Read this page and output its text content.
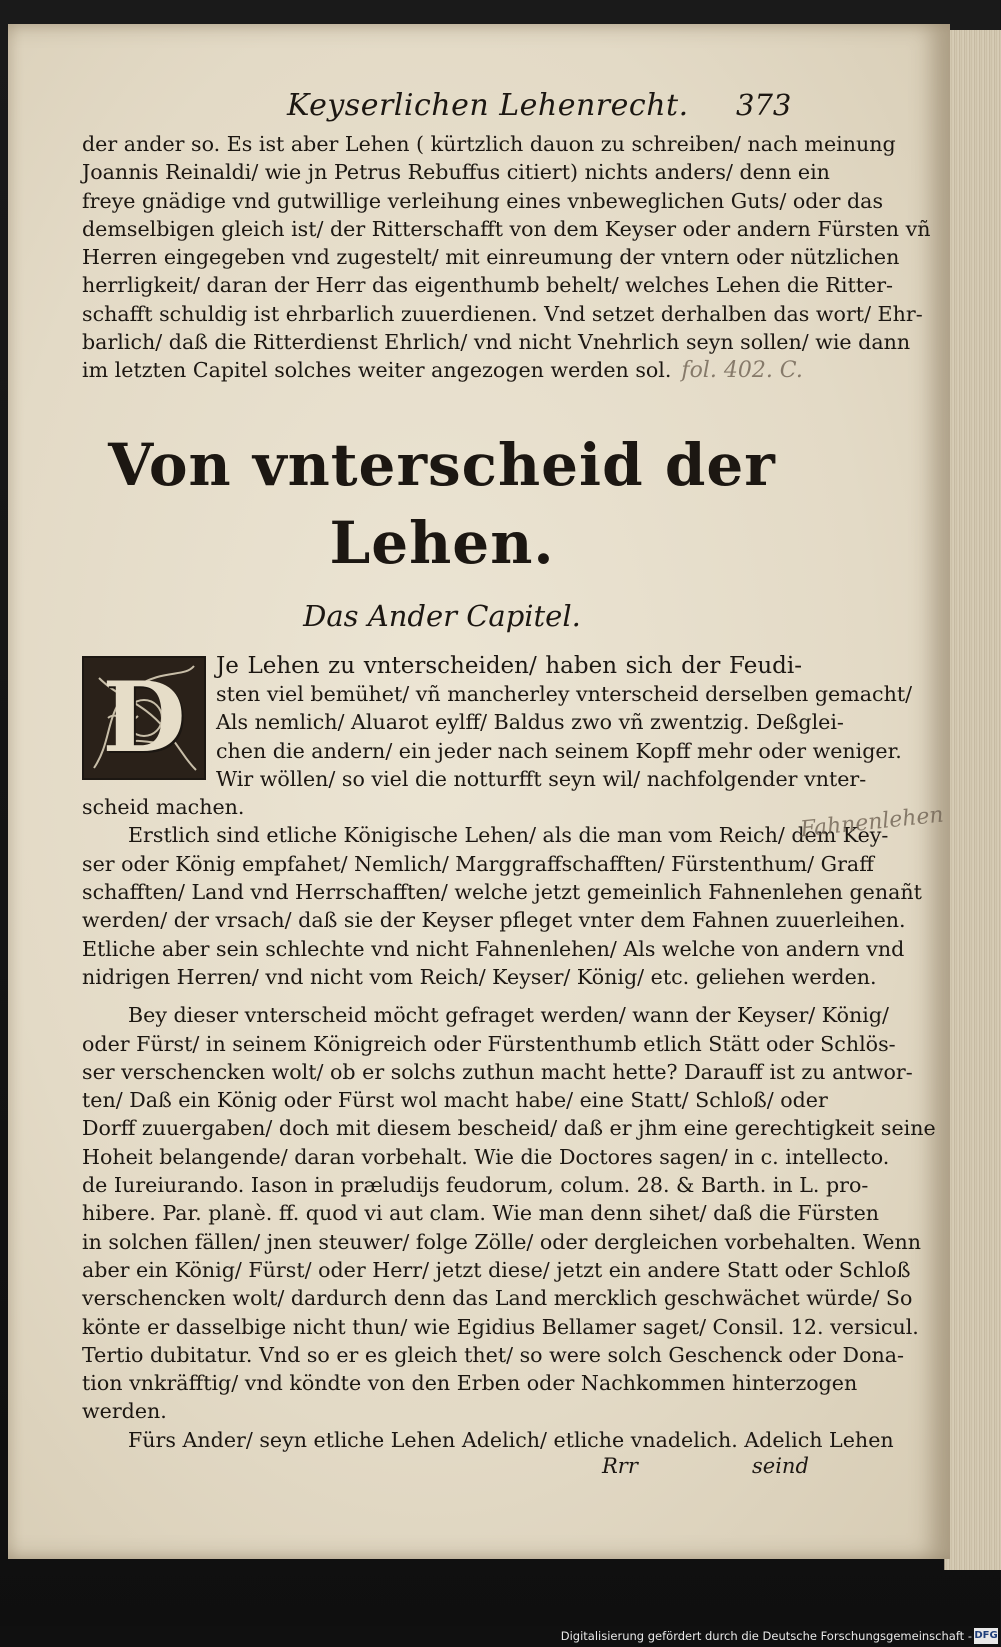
Keyserlichen Lehenrecht. 373

der ander so. Es ist aber Lehen ( kürtzlich dauon zu schreiben/ nach meinung
Joannis Reinaldi/ wie jn Petrus Rebuffus citiert) nichts anders/ denn ein
freye gnädige vnd gutwillige verleihung eines vnbeweglichen Guts/ oder das
demselbigen gleich ist/ der Ritterschafft von dem Keyser oder andern Fürsten vñ
Herren eingegeben vnd zugestelt/ mit einreumung der vntern oder nützlichen
herrligkeit/ daran der Herr das eigenthumb behelt/ welches Lehen die Ritter-
schafft schuldig ist ehrbarlich zuuerdienen. Vnd setzet derhalben das wort/ Ehr-
barlich/ daß die Ritterdienst Ehrlich/ vnd nicht Vnehrlich seyn sollen/ wie dann
im letzten Capitel solches weiter angezogen werden sol. fol. 402. C.

Von vnterscheid der Lehen.
Das Ander Capitel.
D	Je Lehen zu vnterscheiden/ haben sich der Feudi-
sten viel bemühet/ vñ mancherley vnterscheid derselben gemacht/
Als nemlich/ Aluarot eylff/ Baldus zwo vñ zwentzig. Deßglei-
chen die andern/ ein jeder nach seinem Kopff mehr oder weniger.
Wir wöllen/ so viel die notturfft seyn wil/ nachfolgender vnter-
scheid machen.

Erstlich sind etliche Königische Lehen/ als die man vom Reich/ dem Key-
ser oder König empfahet/ Nemlich/ Marggraffschafften/ Fürstenthum/ Graff
schafften/ Land vnd Herrschafften/ welche jetzt gemeinlich Fahnenlehen genañt
werden/ der vrsach/ daß sie der Keyser pfleget vnter dem Fahnen zuuerleihen.
Etliche aber sein schlechte vnd nicht Fahnenlehen/ Als welche von andern vnd
nidrigen Herren/ vnd nicht vom Reich/ Keyser/ König/ etc. geliehen werden.

Bey dieser vnterscheid möcht gefraget werden/ wann der Keyser/ König/
oder Fürst/ in seinem Königreich oder Fürstenthumb etlich Stätt oder Schlös-
ser verschencken wolt/ ob er solchs zuthun macht hette? Darauff ist zu antwor-
ten/ Daß ein König oder Fürst wol macht habe/ eine Statt/ Schloß/ oder
Dorff zuuergaben/ doch mit diesem bescheid/ daß er jhm eine gerechtigkeit seine
Hoheit belangende/ daran vorbehalt. Wie die Doctores sagen/ in c. intellecto.
de Iureiurando. Iason in præludijs feudorum, colum. 28. & Barth. in L. pro-
hibere. Par. planè. ff. quod vi aut clam. Wie man denn sihet/ daß die Fürsten
in solchen fällen/ jnen steuwer/ folge Zölle/ oder dergleichen vorbehalten. Wenn
aber ein König/ Fürst/ oder Herr/ jetzt diese/ jetzt ein andere Statt oder Schloß
verschencken wolt/ dardurch denn das Land mercklich geschwächet würde/ So
könte er dasselbige nicht thun/ wie Egidius Bellamer saget/ Consil. 12. versicul.
Tertio dubitatur. Vnd so er es gleich thet/ so were solch Geschenck oder Dona-
tion vnkräfftig/ vnd köndte von den Erben oder Nachkommen hinterzogen
werden.

Fürs Ander/ seyn etliche Lehen Adelich/ etliche vnadelich. Adelich Lehen

Rrr	seind
Fahnenlehen
Digitalisierung gefördert durch die Deutsche Forschungsgemeinschaft - DFG
